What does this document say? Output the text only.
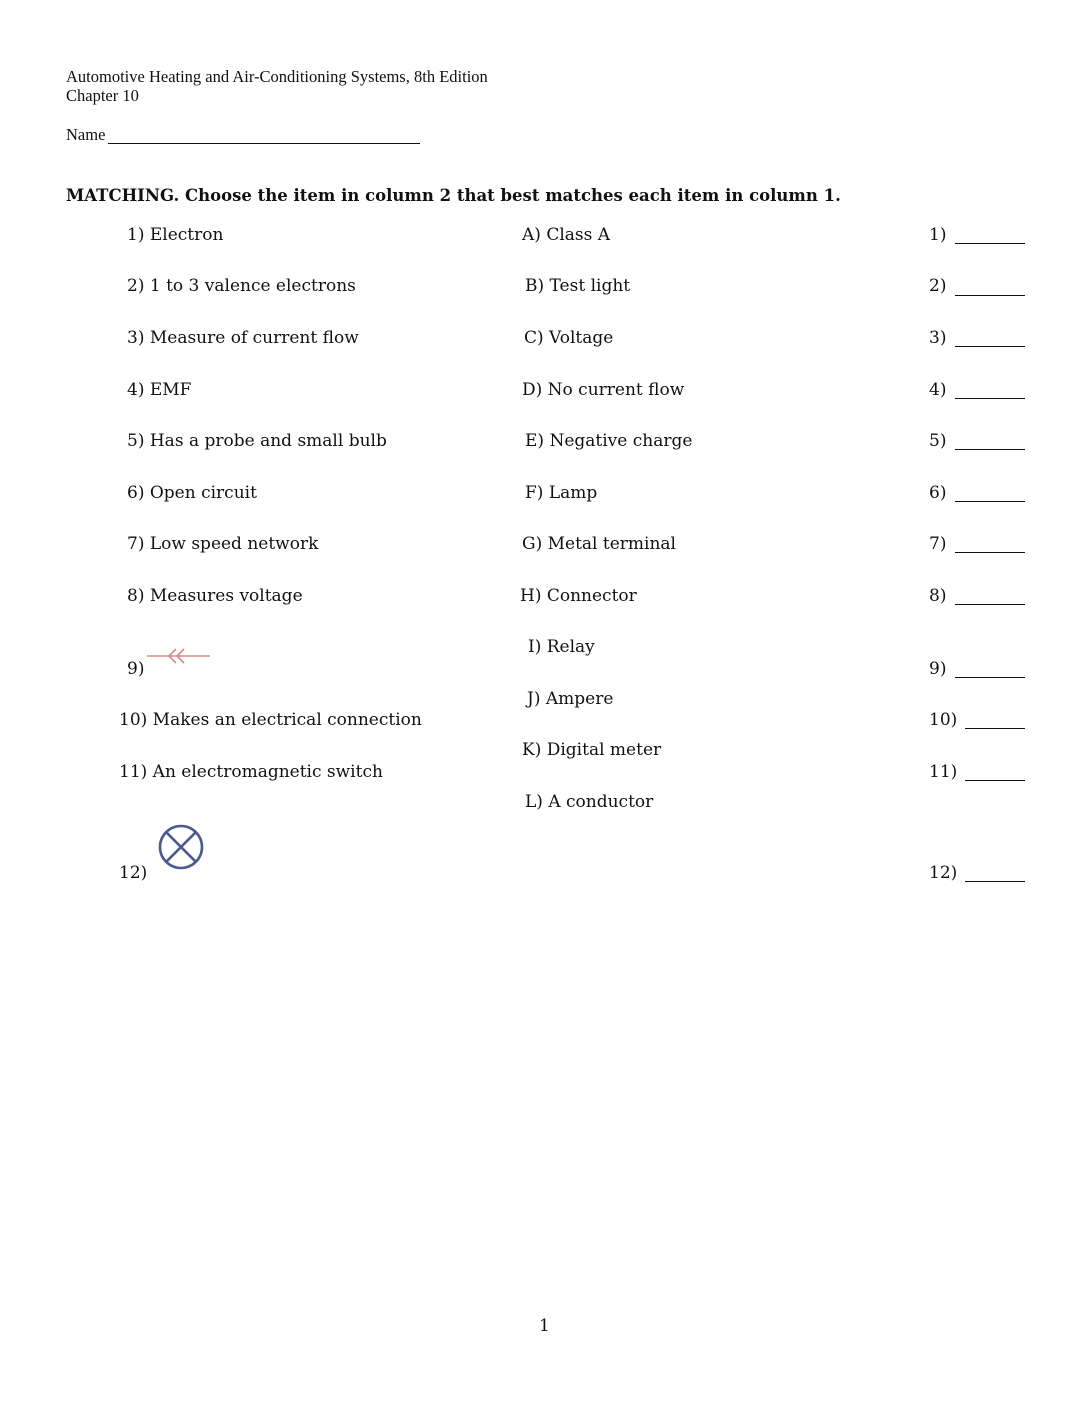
Automotive Heating and Air-Conditioning Systems, 8th Edition
Chapter 10
Name
MATCHING. Choose the item in column 2 that best matches each item in column 1.
1) Electron
2) 1 to 3 valence electrons
3) Measure of current flow
4) EMF
5) Has a probe and small bulb
6) Open circuit
7) Low speed network
8) Measures voltage
9)
10) Makes an electrical connection
11) An electromagnetic switch
12)
A) Class A
B) Test light
C) Voltage
D) No current flow
E) Negative charge
F) Lamp
G) Metal terminal
H) Connector
I) Relay
J) Ampere
K) Digital meter
L) A conductor
1)
2)
3)
4)
5)
6)
7)
8)
9)
10)
11)
12)
1
